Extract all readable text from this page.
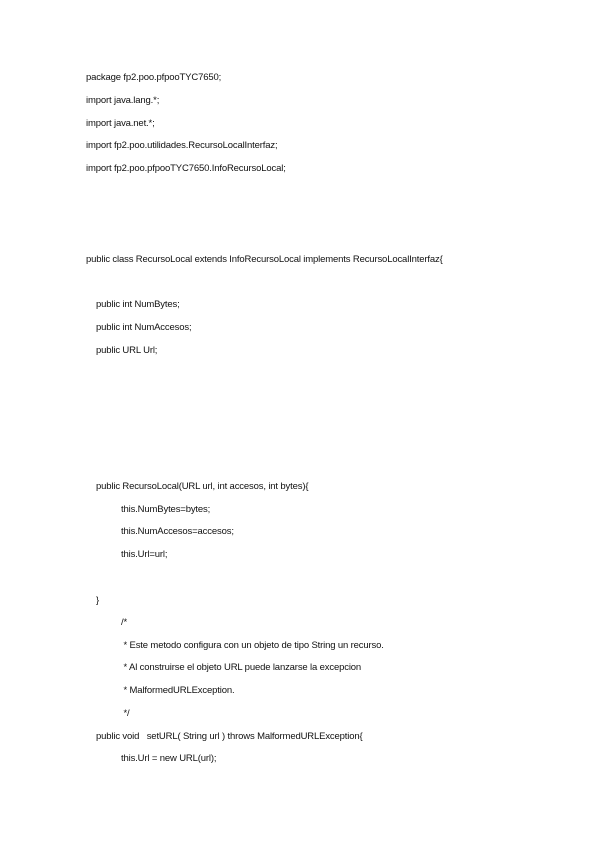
package fp2.poo.pfpooTYC7650;
import java.lang.*;
import java.net.*;
import fp2.poo.utilidades.RecursoLocalInterfaz;
import fp2.poo.pfpooTYC7650.InfoRecursoLocal;
public class RecursoLocal extends InfoRecursoLocal implements RecursoLocalInterfaz{
public int NumBytes;
public int NumAccesos;
public URL Url;
public RecursoLocal(URL url, int accesos, int bytes){
this.NumBytes=bytes;
this.NumAccesos=accesos;
this.Url=url;
}
/*
* Este metodo configura con un objeto de tipo String un recurso.
* Al construirse el objeto URL puede lanzarse la excepcion
* MalformedURLException.
*/
public void   setURL( String url ) throws MalformedURLException{
this.Url = new URL(url);
